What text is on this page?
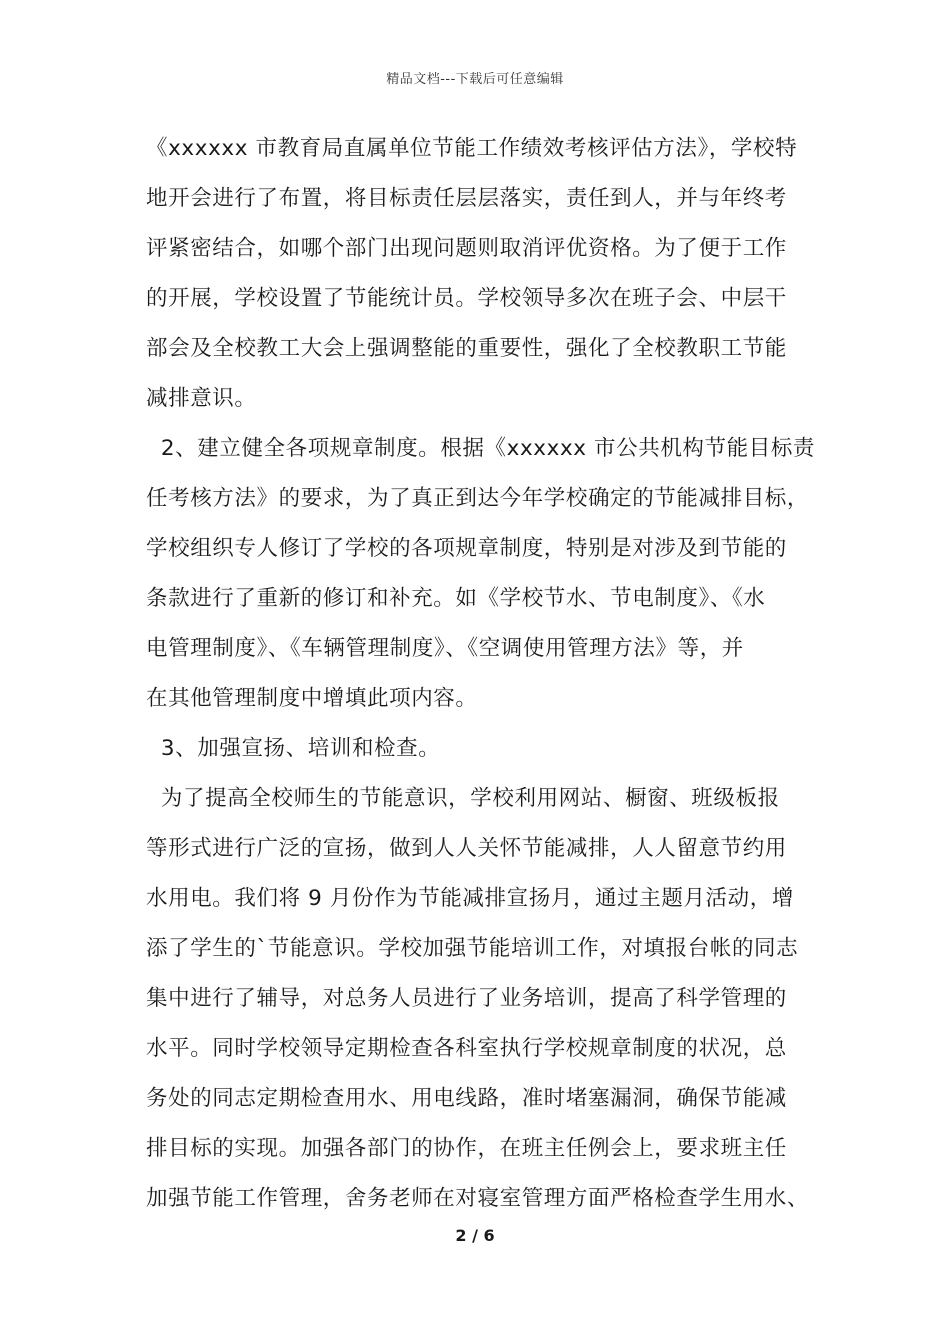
精品文档---下载后可任意编辑
《xxxxxx 市教育局直属单位节能工作绩效考核评估方法》，学校特
地开会进行了布置，将目标责任层层落实，责任到人，并与年终考
评紧密结合，如哪个部门出现问题则取消评优资格。为了便于工作
的开展，学校设置了节能统计员。学校领导多次在班子会、中层干
部会及全校教工大会上强调整能的重要性，强化了全校教职工节能
减排意识。
2、建立健全各项规章制度。根据《xxxxxx 市公共机构节能目标责
任考核方法》的要求，为了真正到达今年学校确定的节能减排目标，
学校组织专人修订了学校的各项规章制度，特别是对涉及到节能的
条款进行了重新的修订和补充。如《学校节水、节电制度》、《水
电管理制度》、《车辆管理制度》、《空调使用管理方法》等，并
在其他管理制度中增填此项内容。
3、加强宣扬、培训和检查。
为了提高全校师生的节能意识，学校利用网站、橱窗、班级板报
等形式进行广泛的宣扬，做到人人关怀节能减排，人人留意节约用
水用电。我们将 9 月份作为节能减排宣扬月，通过主题月活动，增
添了学生的`节能意识。学校加强节能培训工作，对填报台帐的同志
集中进行了辅导，对总务人员进行了业务培训，提高了科学管理的
水平。同时学校领导定期检查各科室执行学校规章制度的状况，总
务处的同志定期检查用水、用电线路，准时堵塞漏洞，确保节能减
排目标的实现。加强各部门的协作，在班主任例会上，要求班主任
加强节能工作管理，舍务老师在对寝室管理方面严格检查学生用水、
2 / 6
